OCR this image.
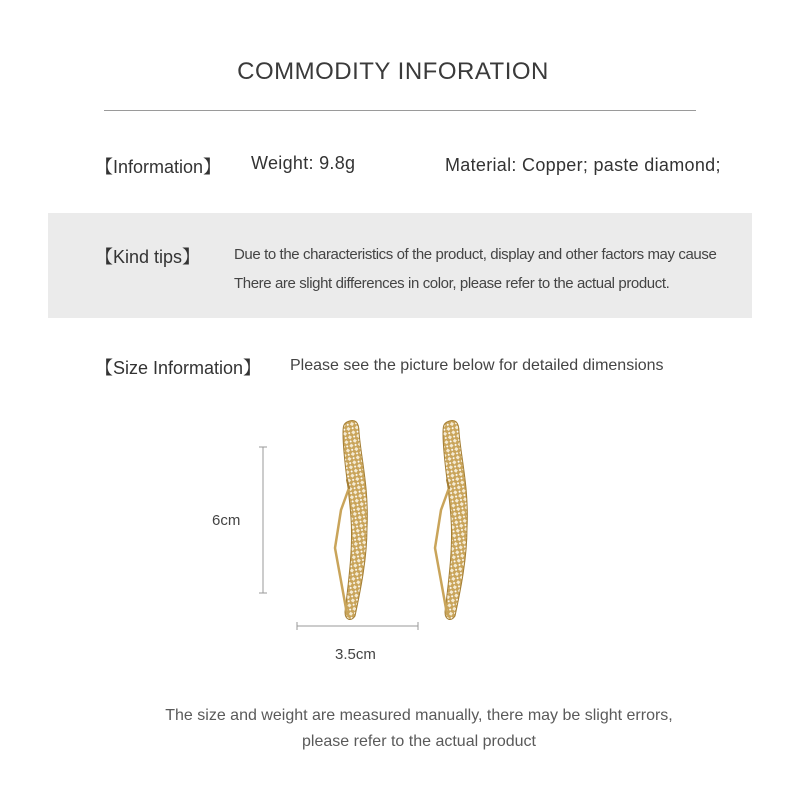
COMMODITY INFORATION
【Information】 Weight: 9.8g	Material: Copper; paste diamond;
【Kind tips】 Due to the characteristics of the product, display and other factors may cause
There are slight differences in color, please refer to the actual product.
【Size Information】 Please see the picture below for detailed dimensions
6cm
3.5cm
The size and weight are measured manually, there may be slight errors,
please refer to the actual product
